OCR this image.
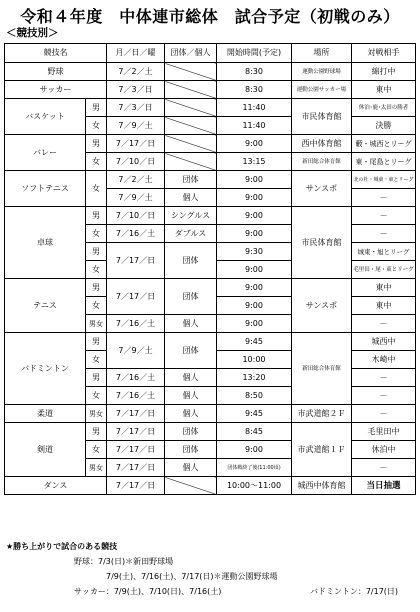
令和４年度　中体連市総体　試合予定（初戦のみ）
＜競技別＞
競技名		月／日／曜	団体／個人	開始時間(予定)	場所	対戦相手
野球		7／2／土		8:30	運動公園野球場	綿打中
サッカー		7／3／日		8:30	運動公園サッカー場	東中
バスケット	男	7／3／日		11:40	市民体育館	休泊･鹿･太田の勝者
	女	7／9／土		11:40		決勝
バレー	男	7／17／日		9:00	西中体育館	藪・城西とリーグ
	女	7／10／日		13:15	新田総合体育館	東・尾島とリーグ
ソフトテニス	女	7／2／土	団体	9:00	サンスポ	北の杜・城東・東とリーグ
		7／9／土	個人	9:00		－
卓球	男	7／10／日	シングルス	9:00	市民体育館	－
	女	7／16／土	ダブルス	9:00		－
	男	7／17／日	団体	9:30		城東・旭とリーグ
	女			9:00		毛里田・尾・東とリーグ
テニス	男	7／17／日	団体	9:00	サンスポ	東中
	女			9:00		東中
	男女	7／16／土	個人	9:00		－
バドミントン	男	7／9／土	団体	9:45	新田総合体育館	城西中
	女			10:00		木崎中
	男	7／16／土	個人	13:20		－
	女	7／16／土	個人	8:50		－
柔道	男女	7／17／日	個人	9:45	市武道館２Ｆ	－
剣道	男	7／17／日	団体	8:45	市武道館１Ｆ	毛里田中
	女	7／17／日	団体	9:00		休泊中
	男女	7／17／日	個人	団体戦終了後(11:00頃)		－
ダンス		7／17／日		10:00～11:00	城西中体育館	当日抽選
★勝ち上がりで試合のある競技
野球：7/3(日)＊新田野球場
7/9(土)、7/16(土)、7/17(日)＊運動公園野球場
サッカー：7/9(土)、7/10(日)、7/16(土)	バドミントン：7/17(日)
